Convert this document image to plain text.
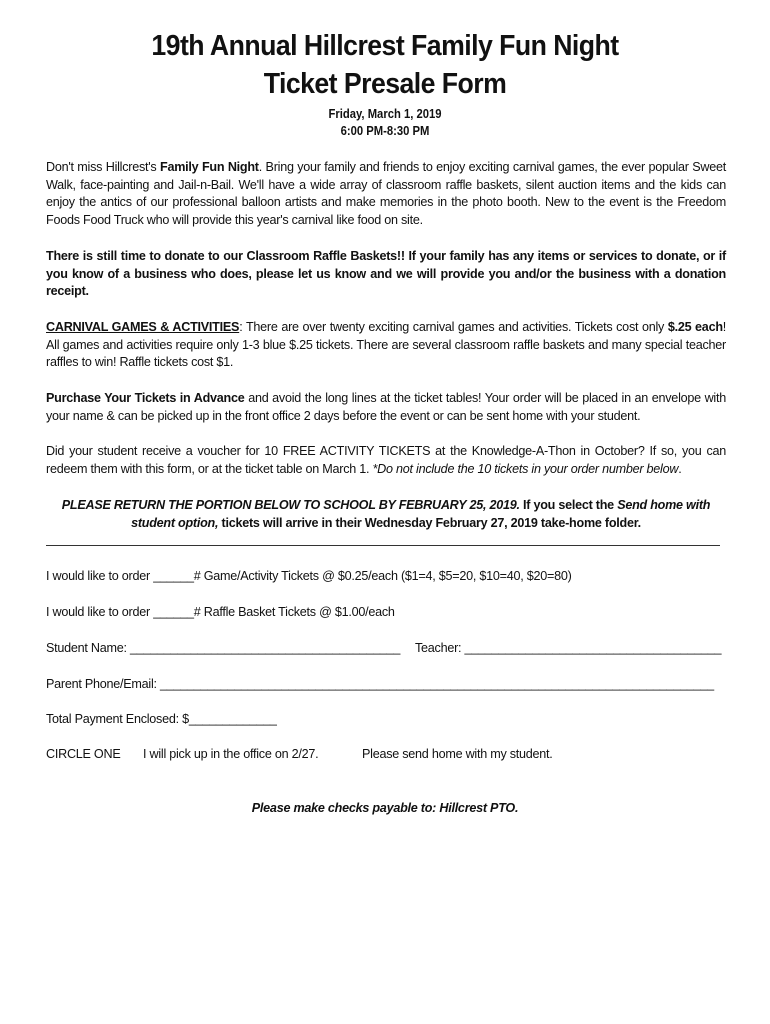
19th Annual Hillcrest Family Fun Night
Ticket Presale Form
Friday, March 1, 2019
6:00 PM-8:30 PM
Don't miss Hillcrest's Family Fun Night. Bring your family and friends to enjoy exciting carnival games, the ever popular Sweet Walk, face-painting and Jail-n-Bail. We'll have a wide array of classroom raffle baskets, silent auction items and the kids can enjoy the antics of our professional balloon artists and make memories in the photo booth. New to the event is the Freedom Foods Food Truck who will provide this year's carnival like food on site.
There is still time to donate to our Classroom Raffle Baskets!! If your family has any items or services to donate, or if you know of a business who does, please let us know and we will provide you and/or the business with a donation receipt.
CARNIVAL GAMES & ACTIVITIES: There are over twenty exciting carnival games and activities. Tickets cost only $.25 each! All games and activities require only 1-3 blue $.25 tickets. There are several classroom raffle baskets and many special teacher raffles to win! Raffle tickets cost $1.
Purchase Your Tickets in Advance and avoid the long lines at the ticket tables! Your order will be placed in an envelope with your name & can be picked up in the front office 2 days before the event or can be sent home with your student.
Did your student receive a voucher for 10 FREE ACTIVITY TICKETS at the Knowledge-A-Thon in October? If so, you can redeem them with this form, or at the ticket table on March 1. *Do not include the 10 tickets in your order number below.
PLEASE RETURN THE PORTION BELOW TO SCHOOL BY FEBRUARY 25, 2019. If you select the Send home with student option, tickets will arrive in their Wednesday February 27, 2019 take-home folder.
I would like to order ______# Game/Activity Tickets @ $0.25/each ($1=4, $5=20, $10=40, $20=80)
I would like to order ______# Raffle Basket Tickets @ $1.00/each
Student Name: ________________________________________ Teacher: ______________________________________
Parent Phone/Email: __________________________________________________________________________________
Total Payment Enclosed: $_____________
CIRCLE ONE I will pick up in the office on 2/27.	Please send home with my student.
Please make checks payable to: Hillcrest PTO.
